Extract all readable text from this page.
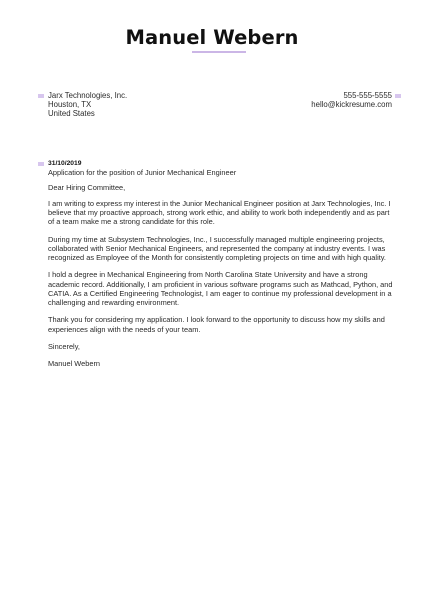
Manuel Webern
Jarx Technologies, Inc.
Houston, TX
United States
555-555-5555
hello@kickresume.com
31/10/2019

Application for the position of Junior Mechanical Engineer

Dear Hiring Committee,

I am writing to express my interest in the Junior Mechanical Engineer position at Jarx Technologies, Inc. I believe that my proactive approach, strong work ethic, and ability to work both independently and as part of a team make me a strong candidate for this role.

During my time at Subsystem Technologies, Inc., I successfully managed multiple engineering projects, collaborated with Senior Mechanical Engineers, and represented the company at industry events. I was recognized as Employee of the Month for consistently completing projects on time and with high quality.

I hold a degree in Mechanical Engineering from North Carolina State University and have a strong academic record. Additionally, I am proficient in various software programs such as Mathcad, Python, and CATIA. As a Certified Engineering Technologist, I am eager to continue my professional development in a challenging and rewarding environment.

Thank you for considering my application. I look forward to the opportunity to discuss how my skills and experiences align with the needs of your team.

Sincerely,

Manuel Webern
